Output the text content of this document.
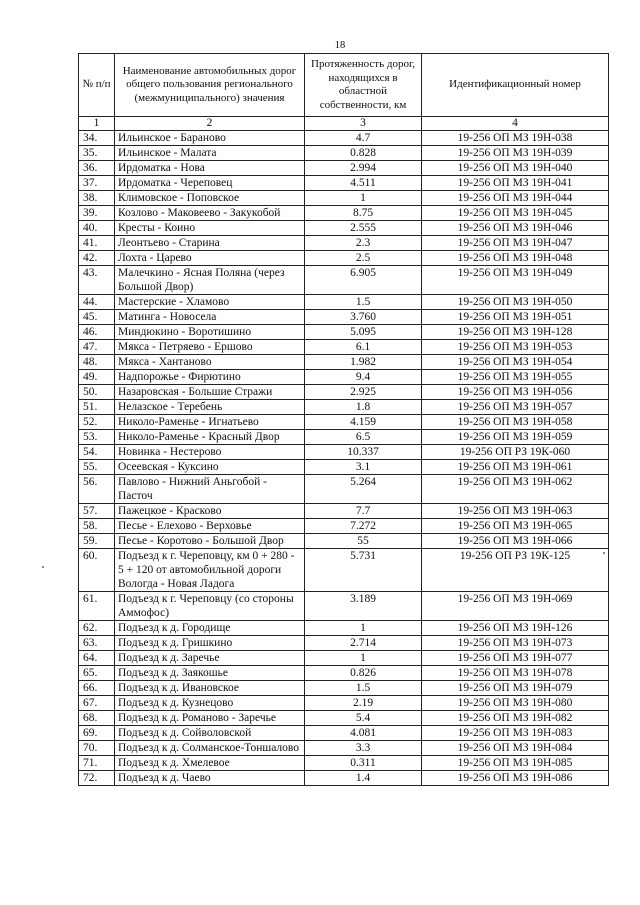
18
№ п/п	Наименование автомобильных дорог общего пользования регионального (межмуниципального) значения	Протяженность дорог, находящихся в областной собственности, км	Идентификационный номер
1	2	3	4
34.	Ильинское - Бараново	4.7	19-256 ОП МЗ 19Н-038
35.	Ильинское - Малата	0.828	19-256 ОП МЗ 19Н-039
36.	Ирдоматка - Нова	2.994	19-256 ОП МЗ 19Н-040
37.	Ирдоматка - Череповец	4.511	19-256 ОП МЗ 19Н-041
38.	Климовское - Поповское	1	19-256 ОП МЗ 19Н-044
39.	Козлово - Маковеево - Закукобой	8.75	19-256 ОП МЗ 19Н-045
40.	Кресты - Коино	2.555	19-256 ОП МЗ 19Н-046
41.	Леонтьево - Старина	2.3	19-256 ОП МЗ 19Н-047
42.	Лохта - Царево	2.5	19-256 ОП МЗ 19Н-048
43.	Малечкино - Ясная Поляна (через Большой Двор)	6.905	19-256 ОП МЗ 19Н-049
44.	Мастерские - Хламово	1.5	19-256 ОП МЗ 19Н-050
45.	Матинга - Новосела	3.760	19-256 ОП МЗ 19Н-051
46.	Миндюкино - Воротишино	5.095	19-256 ОП МЗ 19Н-128
47.	Мякса - Петряево - Ершово	6.1	19-256 ОП МЗ 19Н-053
48.	Мякса - Хантаново	1.982	19-256 ОП МЗ 19Н-054
49.	Надпорожье - Фирютино	9.4	19-256 ОП МЗ 19Н-055
50.	Назаровская - Большие Стражи	2.925	19-256 ОП МЗ 19Н-056
51.	Нелазское - Теребень	1.8	19-256 ОП МЗ 19Н-057
52.	Николо-Раменье - Игнатьево	4.159	19-256 ОП МЗ 19Н-058
53.	Николо-Раменье - Красный Двор	6.5	19-256 ОП МЗ 19Н-059
54.	Новинка - Нестерово	10.337	19-256 ОП РЗ 19К-060
55.	Осеевская - Куксино	3.1	19-256 ОП МЗ 19Н-061
56.	Павлово - Нижний Аньгобой - Пасточ	5.264	19-256 ОП МЗ 19Н-062
57.	Пажецкое - Красково	7.7	19-256 ОП МЗ 19Н-063
58.	Песье - Елехово - Верховье	7.272	19-256 ОП МЗ 19Н-065
59.	Песье - Коротово - Большой Двор	55	19-256 ОП МЗ 19Н-066
60.	Подъезд к г. Череповцу, км 0 + 280 - 5 + 120 от автомобильной дороги Вологда - Новая Ладога	5.731	19-256 ОП РЗ 19К-125
61.	Подъезд к г. Череповцу (со стороны Аммофос)	3.189	19-256 ОП МЗ 19Н-069
62.	Подъезд к д. Городище	1	19-256 ОП МЗ 19Н-126
63.	Подъезд к д. Гришкино	2.714	19-256 ОП МЗ 19Н-073
64.	Подъезд к д. Заречье	1	19-256 ОП МЗ 19Н-077
65.	Подъезд к д. Заякошье	0.826	19-256 ОП МЗ 19Н-078
66.	Подъезд к д. Ивановское	1.5	19-256 ОП МЗ 19Н-079
67.	Подъезд к д. Кузнецово	2.19	19-256 ОП МЗ 19Н-080
68.	Подъезд к д. Романово - Заречье	5.4	19-256 ОП МЗ 19Н-082
69.	Подъезд к д. Сойволовской	4.081	19-256 ОП МЗ 19Н-083
70.	Подъезд к д. Солманское-Тоншалово	3.3	19-256 ОП МЗ 19Н-084
71.	Подъезд к д. Хмелевое	0.311	19-256 ОП МЗ 19Н-085
72.	Подъезд к д. Чаево	1.4	19-256 ОП МЗ 19Н-086
